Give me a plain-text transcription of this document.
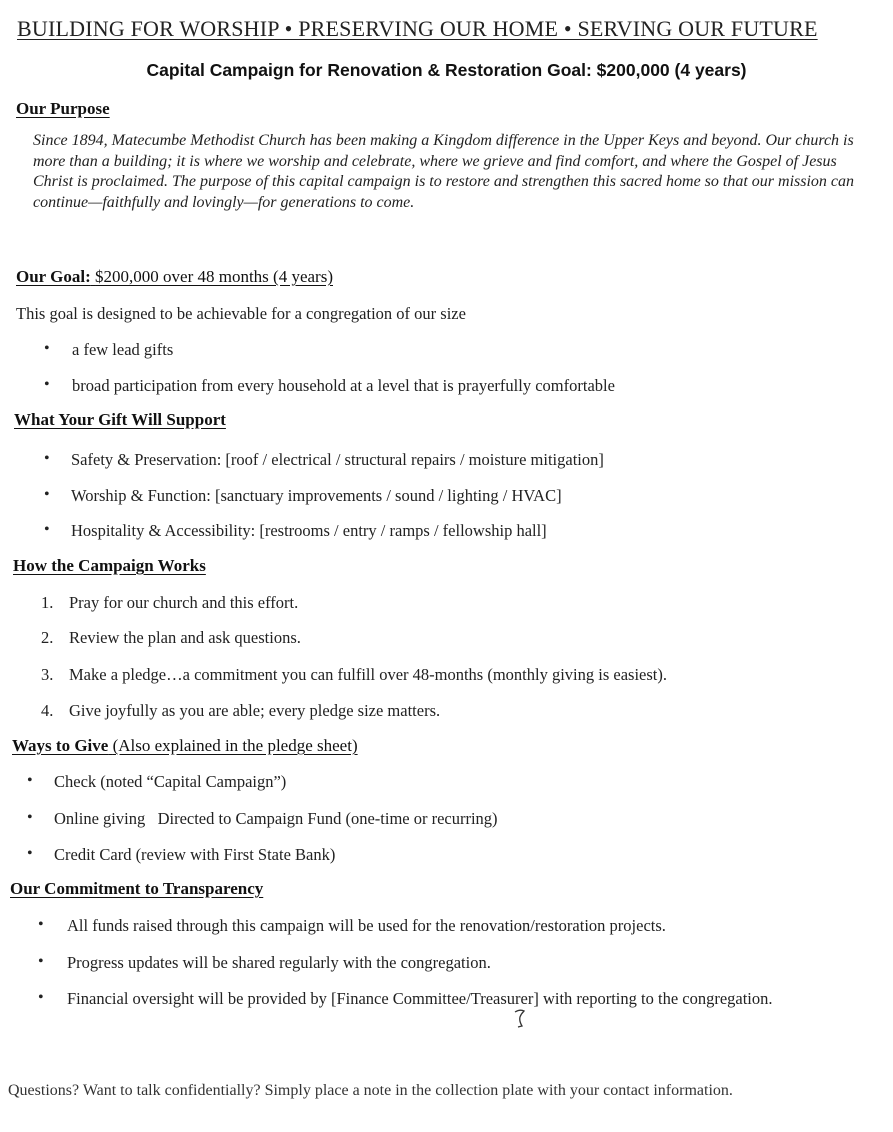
BUILDING FOR WORSHIP • PRESERVING OUR HOME • SERVING OUR FUTURE
Capital Campaign for Renovation & Restoration Goal: $200,000 (4 years)
Our Purpose
Since 1894, Matecumbe Methodist Church has been making a Kingdom difference in the Upper Keys and beyond. Our church is more than a building; it is where we worship and celebrate, where we grieve and find comfort, and where the Gospel of Jesus Christ is proclaimed. The purpose of this capital campaign is to restore and strengthen this sacred home so that our mission can continue—faithfully and lovingly—for generations to come.
Our Goal: $200,000 over 48 months (4 years)
This goal is designed to be achievable for a congregation of our size
• a few lead gifts
• broad participation from every household at a level that is prayerfully comfortable
What Your Gift Will Support
• Safety & Preservation: [roof / electrical / structural repairs / moisture mitigation]
• Worship & Function: [sanctuary improvements / sound / lighting / HVAC]
• Hospitality & Accessibility: [restrooms / entry / ramps / fellowship hall]
How the Campaign Works
1. Pray for our church and this effort.
2. Review the plan and ask questions.
3. Make a pledge…a commitment you can fulfill over 48-months (monthly giving is easiest).
4. Give joyfully as you are able; every pledge size matters.
Ways to Give (Also explained in the pledge sheet)
• Check (noted “Capital Campaign”)
• Online giving   Directed to Campaign Fund (one-time or recurring)
• Credit Card (review with First State Bank)
Our Commitment to Transparency
• All funds raised through this campaign will be used for the renovation/restoration projects.
• Progress updates will be shared regularly with the congregation.
• Financial oversight will be provided by [Finance Committee/Treasurer] with reporting to the congregation.
Questions? Want to talk confidentially? Simply place a note in the collection plate with your contact information.
